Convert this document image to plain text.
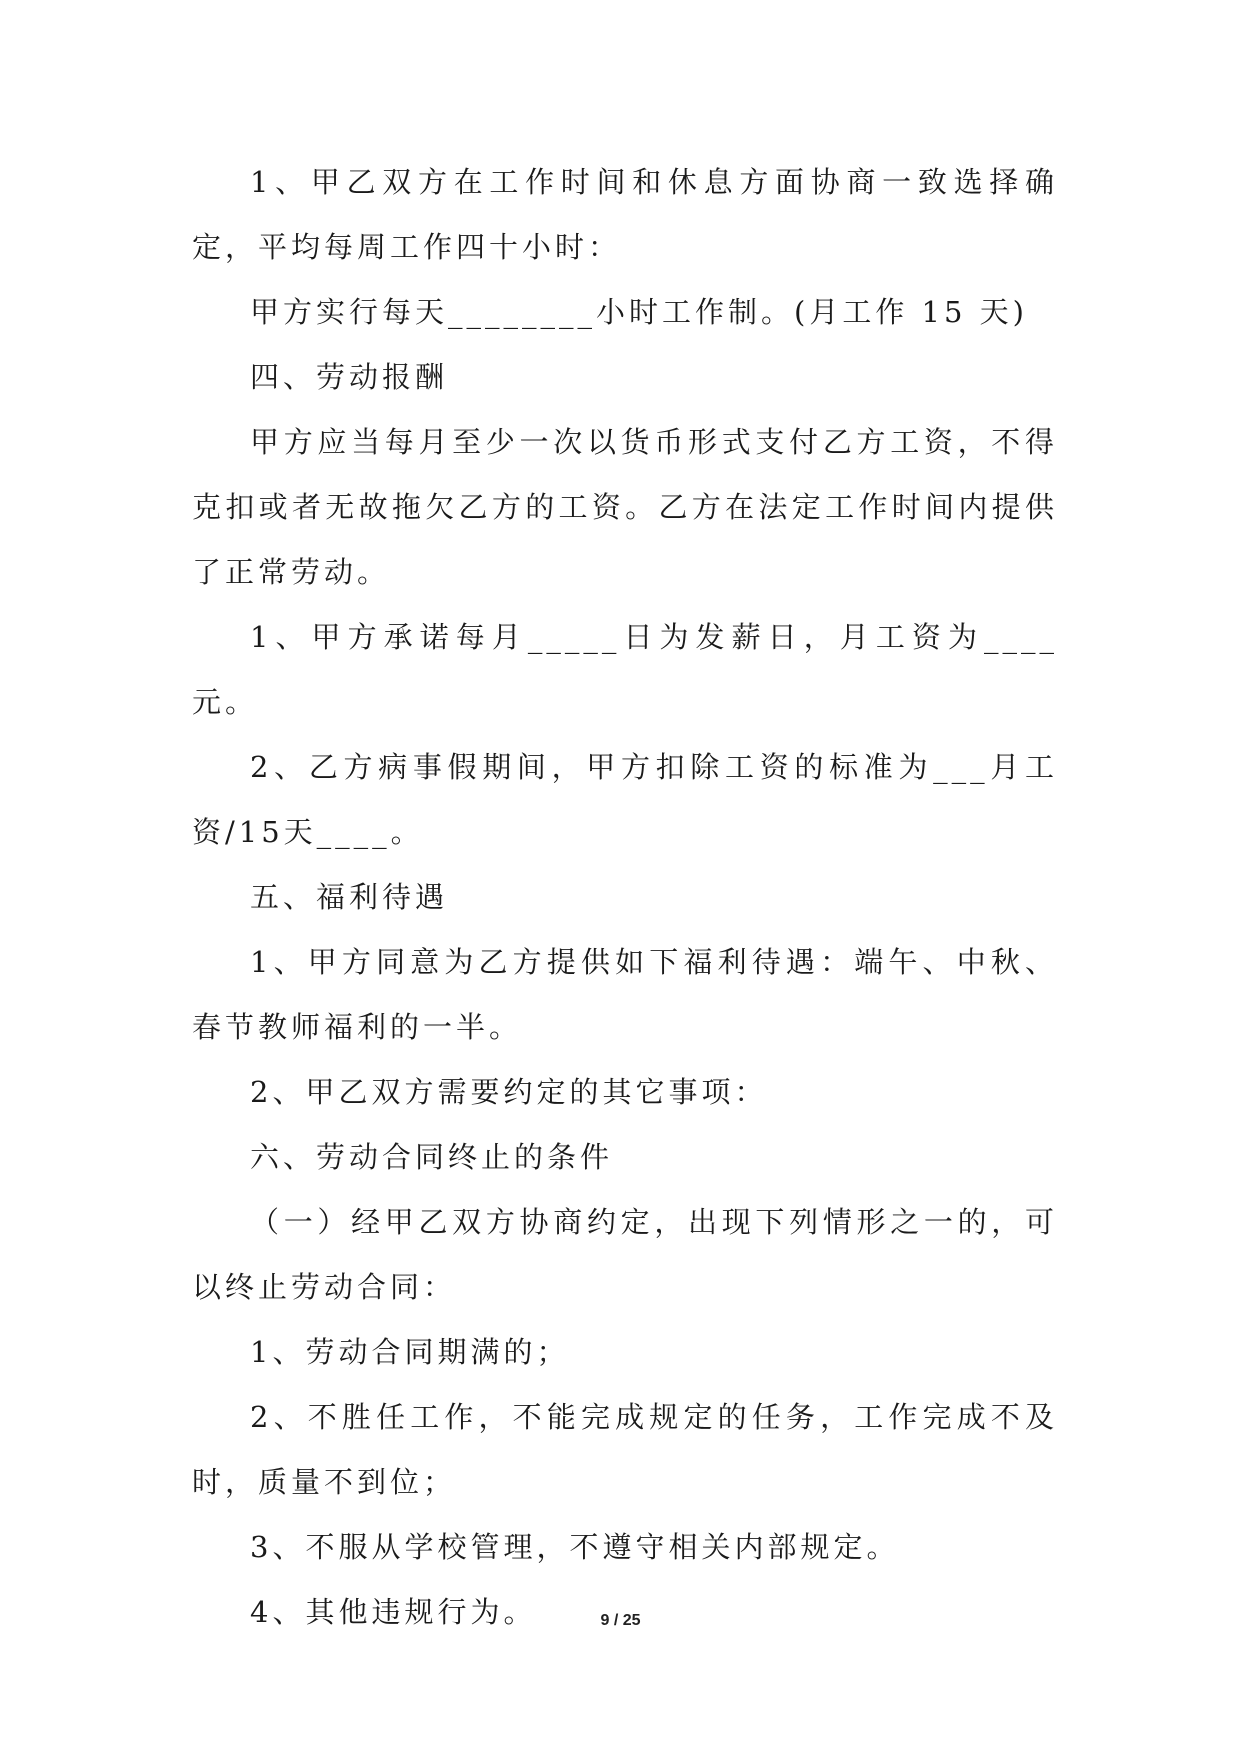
1、甲乙双方在工作时间和休息方面协商一致选择确定，平均每周工作四十小时：

甲方实行每天________小时工作制。(月工作 15 天)

四、劳动报酬

甲方应当每月至少一次以货币形式支付乙方工资，不得克扣或者无故拖欠乙方的工资。乙方在法定工作时间内提供了正常劳动。

1、甲方承诺每月_____日为发薪日，月工资为____元。

2、乙方病事假期间，甲方扣除工资的标准为___月工资/15天____。

五、福利待遇

1、甲方同意为乙方提供如下福利待遇：端午、中秋、春节教师福利的一半。

2、甲乙双方需要约定的其它事项：

六、劳动合同终止的条件

（一）经甲乙双方协商约定，出现下列情形之一的，可以终止劳动合同：

1、劳动合同期满的；

2、不胜任工作，不能完成规定的任务，工作完成不及时，质量不到位；

3、不服从学校管理，不遵守相关内部规定。

4、其他违规行为。	9 / 25
